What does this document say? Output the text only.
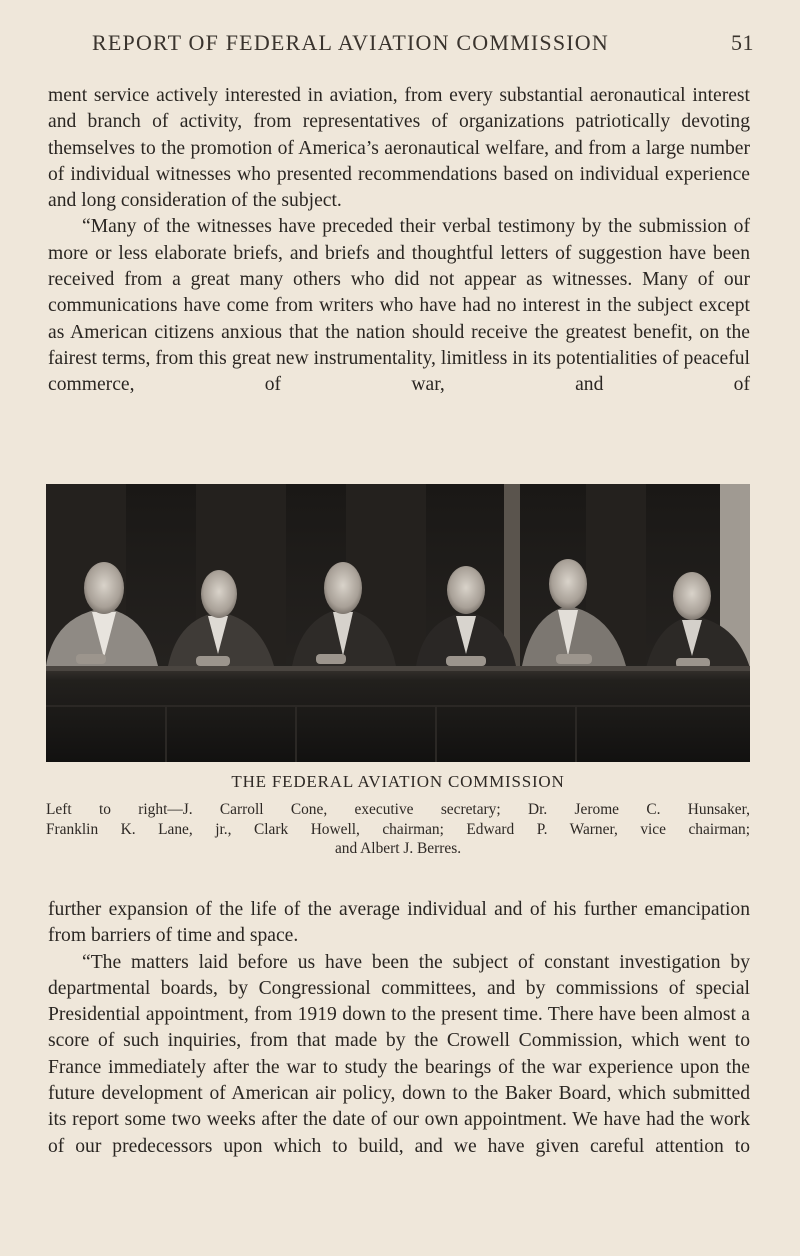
REPORT OF FEDERAL AVIATION COMMISSION	51

ment service actively interested in aviation, from every substantial aeronautical interest and branch of activity, from representatives of organizations patriotically devoting themselves to the promotion of America’s aeronautical welfare, and from a large number of individual witnesses who presented recommendations based on individual experience and long consideration of the subject.

“Many of the witnesses have preceded their verbal testimony by the submission of more or less elaborate briefs, and briefs and thoughtful letters of suggestion have been received from a great many others who did not appear as witnesses. Many of our communications have come from writers who have had no interest in the subject except as American citizens anxious that the nation should receive the greatest benefit, on the fairest terms, from this great new instrumentality, limitless in its potentialities of peaceful commerce, of war, and of

THE FEDERAL AVIATION COMMISSION
Left to right—J. Carroll Cone, executive secretary; Dr. Jerome C. Hunsaker,
Franklin K. Lane, jr., Clark Howell, chairman; Edward P. Warner, vice chairman;
and Albert J. Berres.

further expansion of the life of the average individual and of his further emancipation from barriers of time and space.

“The matters laid before us have been the subject of constant investigation by departmental boards, by Congressional committees, and by commissions of special Presidential appointment, from 1919 down to the present time. There have been almost a score of such inquiries, from that made by the Crowell Commission, which went to France immediately after the war to study the bearings of the war experience upon the future development of American air policy, down to the Baker Board, which submitted its report some two weeks after the date of our own appointment. We have had the work of our predecessors upon which to build, and we have given careful attention to
